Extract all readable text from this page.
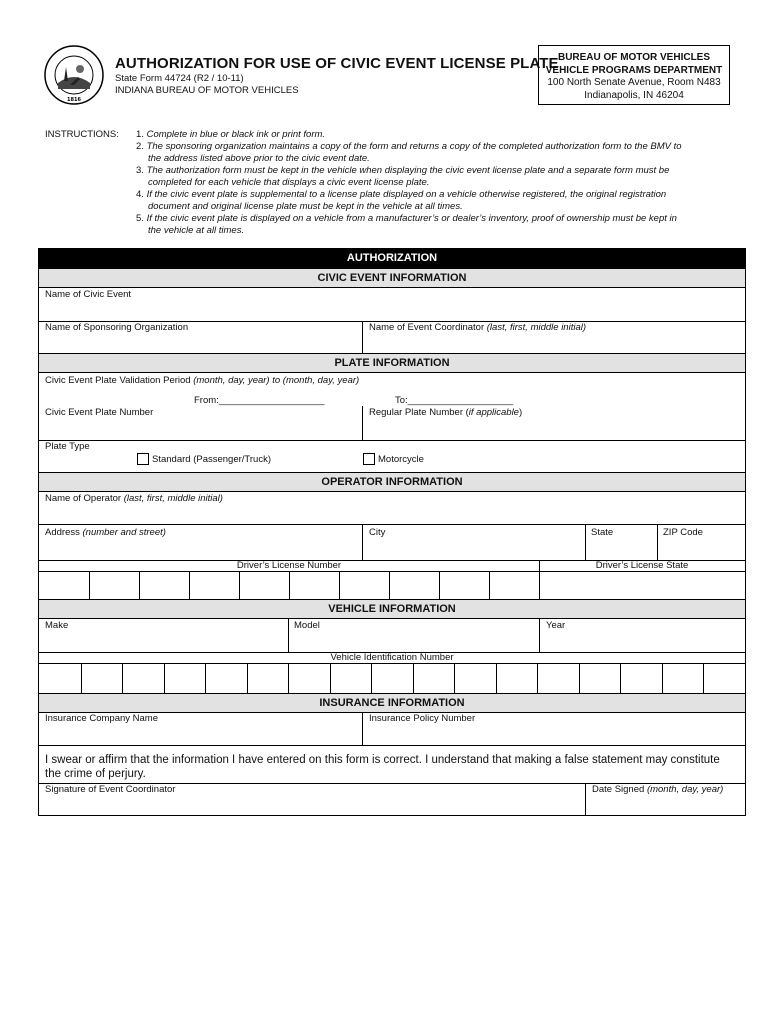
1816
AUTHORIZATION FOR USE OF CIVIC EVENT LICENSE PLATE
State Form 44724 (R2 / 10-11)
INDIANA BUREAU OF MOTOR VEHICLES
BUREAU OF MOTOR VEHICLES
VEHICLE PROGRAMS DEPARTMENT
100 North Senate Avenue, Room N483
Indianapolis, IN 46204
INSTRUCTIONS: 1. Complete in blue or black ink or print form.
2. The sponsoring organization maintains a copy of the form and returns a copy of the completed authorization form to the BMV to
the address listed above prior to the civic event date.
3. The authorization form must be kept in the vehicle when displaying the civic event license plate and a separate form must be
completed for each vehicle that displays a civic event license plate.
4. If the civic event plate is supplemental to a license plate displayed on a vehicle otherwise registered, the original registration
document and original license plate must be kept in the vehicle at all times.
5. If the civic event plate is displayed on a vehicle from a manufacturer’s or dealer’s inventory, proof of ownership must be kept in
the vehicle at all times.
AUTHORIZATION
CIVIC EVENT INFORMATION
Name of Civic Event
Name of Sponsoring Organization	Name of Event Coordinator (last, first, middle initial)
PLATE INFORMATION
Civic Event Plate Validation Period (month, day, year) to (month, day, year)
From:____________________	To:____________________
Civic Event Plate Number	Regular Plate Number (if applicable)
Plate Type
Standard (Passenger/Truck)	Motorcycle
OPERATOR INFORMATION
Name of Operator (last, first, middle initial)
Address (number and street)	City	State	ZIP Code
Driver’s License Number	Driver’s License State
VEHICLE INFORMATION
Make	Model	Year
Vehicle Identification Number
INSURANCE INFORMATION
Insurance Company Name	Insurance Policy Number
I swear or affirm that the information I have entered on this form is correct. I understand that making a false statement may constitute the crime of perjury.
Signature of Event Coordinator	Date Signed (month, day, year)
